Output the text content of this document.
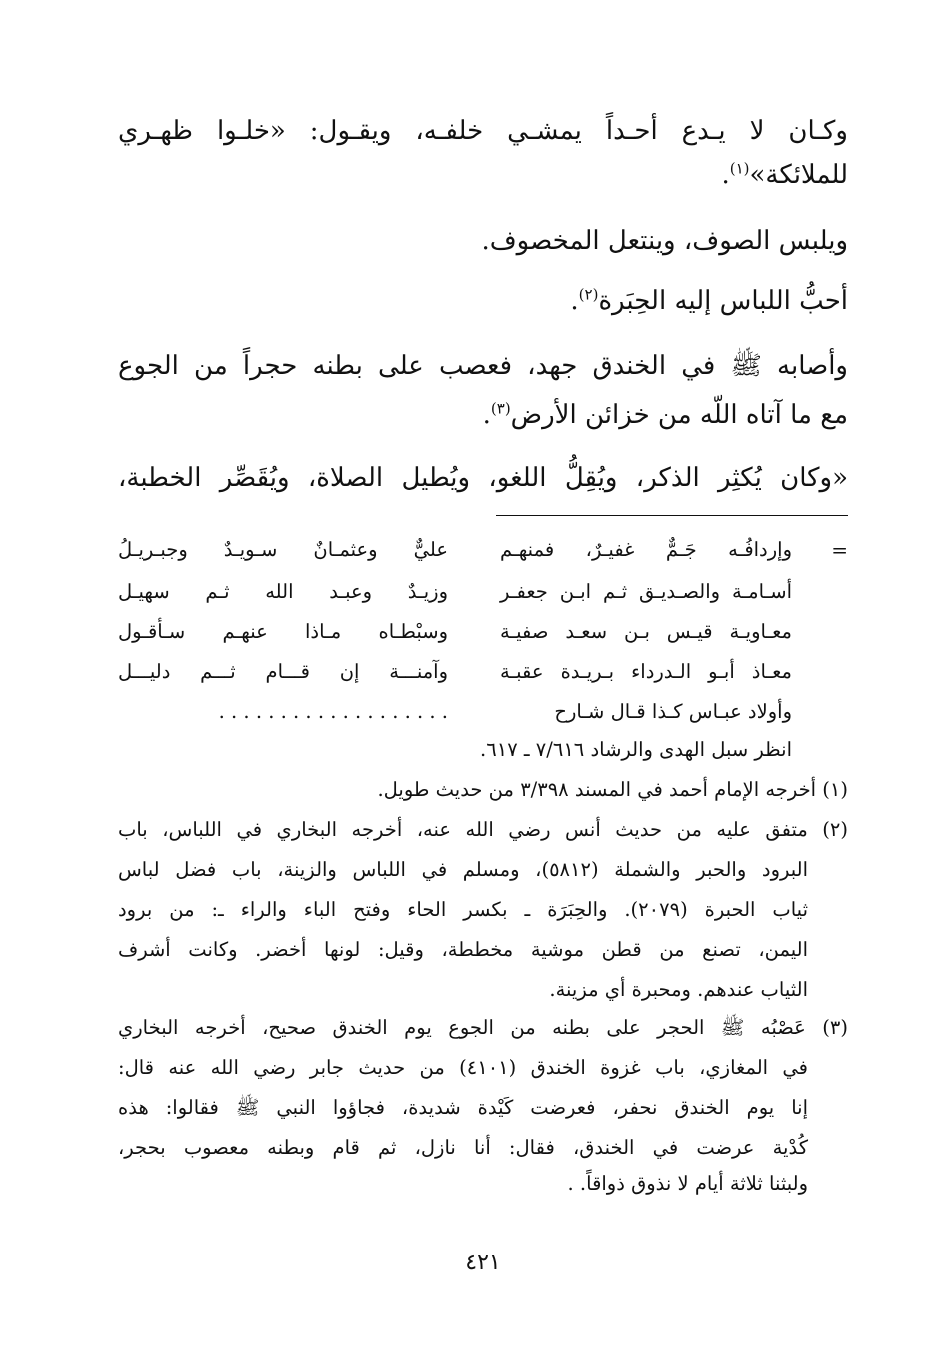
وكـان لا يـدع أحـداً يمشـي خلفـه، ويقـول: «خلـوا ظهـري
للملائكة»$^{(١)}$.
ويلبس الصوف، وينتعل المخصوف.
أحبُّ اللباس إليه الحِبَرة$^{(٢)}$.
وأصابه ﷺ في الخندق جهد، فعصب على بطنه حجراً من الجوع
مع ما آتاه اللّه من خزائن الأرض$^{(٣)}$.
«وكان يُكثِر الذكر، ويُقِلُّ اللغو، ويُطيل الصلاة، ويُقَصِّر الخطبة،
=
وإردافُـه جَـمٌّ غفيـرٌ، فمنهـم
عليٌّ وعثمـانٌ سـويـدٌ وجبـريـلُ
أسـامـة والصـديـق ثـم ابـن جعفـر
وزيـدٌ وعبـد الله ثـم سهيـل
معـاويـة قيـس بـن سعـد صفيـة
وسبْطـاه مـاذا عنهـم سـأقـول
معـاذ أبـو الـدرداء بـريـدة عقبـة
وآمنـــة إن قـــام ثـــم دليـــل
وأولاد عبـاس كـذا قـال شـارح
. . . . . . . . . . . . . . . . . . .
انظر سبل الهدى والرشاد ٧/٦١٦ ـ ٦١٧.
(١) أخرجه الإمام أحمد في المسند ٣/٣٩٨ من حديث طويل.
(٢) متفق عليه من حديث أنس رضي الله عنه، أخرجه البخاري في اللباس، باب
البرود والحبر والشملة (٥٨١٢)، ومسلم في اللباس والزينة، باب فضل لباس
ثياب الحبرة (٢٠٧٩). والحِبَرَة ـ بكسر الحاء وفتح الباء والراء ـ: من برود
اليمن، تصنع من قطن موشية مخططة، وقيل: لونها أخضر. وكانت أشرف
الثياب عندهم. ومحبرة أي مزينة.
(٣) عَصْبُه ﷺ الحجر على بطنه من الجوع يوم الخندق صحيح، أخرجه البخاري
في المغازي، باب غزوة الخندق (٤١٠١) من حديث جابر رضي الله عنه قال:
إنا يوم الخندق نحفر، فعرضت كَيْدة شديدة، فجاؤوا النبي ﷺ فقالوا: هذه
كُدْية عرضت في الخندق، فقال: أنا نازل، ثم قام وبطنه معصوب بحجر،
ولبثنا ثلاثة أيام لا نذوق ذواقاً. .
٤٢١
